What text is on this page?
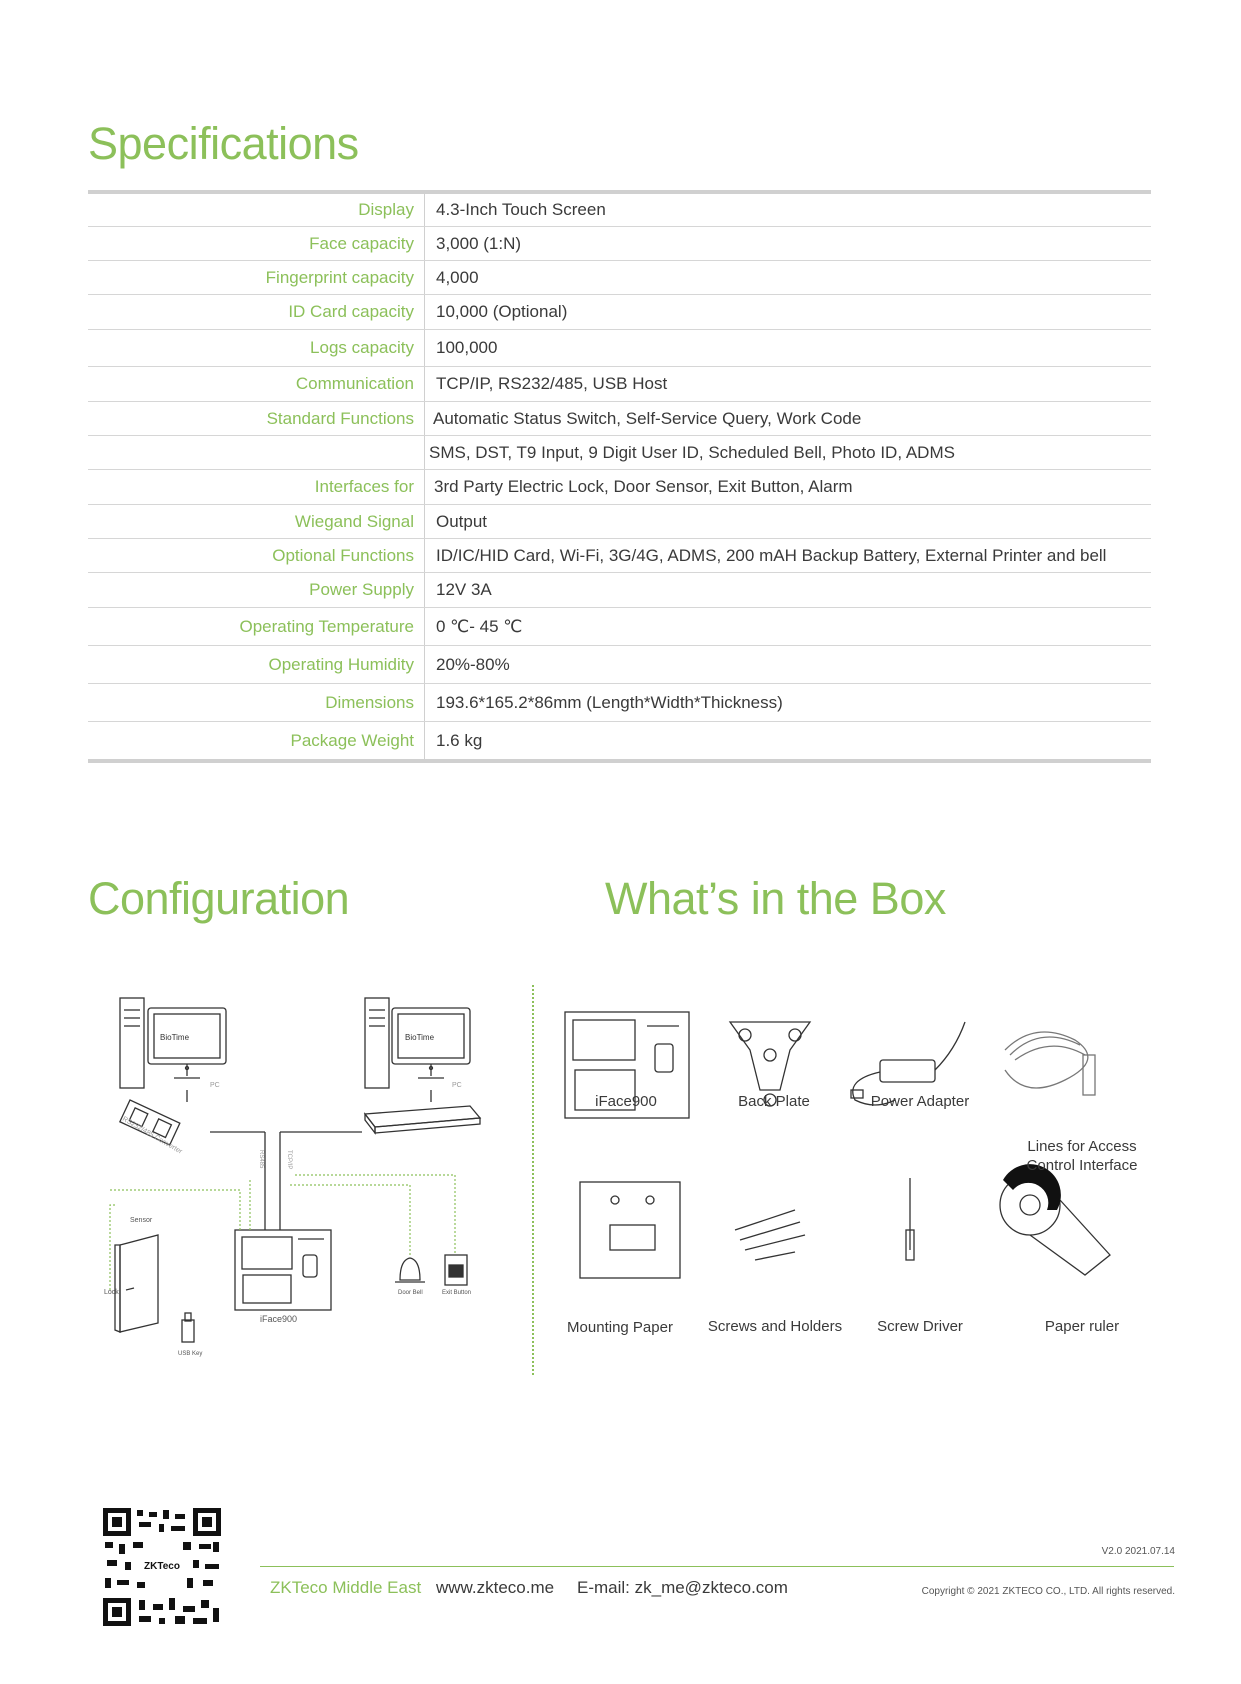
Specifications
Display	4.3-Inch Touch Screen
Face capacity	3,000 (1:N)
Fingerprint capacity	4,000
ID Card capacity	10,000 (Optional)
Logs capacity	100,000
Communication	TCP/IP, RS232/485, USB Host
Standard Functions	Automatic Status Switch, Self-Service Query, Work Code
SMS, DST, T9 Input, 9 Digit User ID, Scheduled Bell, Photo ID, ADMS
Interfaces for	3rd Party Electric Lock, Door Sensor, Exit Button, Alarm
Wiegand Signal	Output
Optional Functions	ID/IC/HID Card, Wi-Fi, 3G/4G, ADMS, 200 mAH Backup Battery, External Printer and bell
Power Supply	12V 3A
Operating Temperature	0 ℃- 45 ℃
Operating Humidity	20%-80%
Dimensions	193.6*165.2*86mm (Length*Width*Thickness)
Package Weight	1.6 kg
Configuration	What’s in the Box
BioTime	BioTime
PC	PC
RS232/485 Converter
RS485	TCP/IP
Sensor
Lock
iFace900
Door Bell	Exit Button
USB Key
iFace900	Back Plate	Power Adapter
Lines for Access
Control Interface
Mounting Paper	Screws and Holders	Screw Driver	Paper ruler
ZKTeco
V2.0 2021.07.14
ZKTeco Middle East www.zkteco.me E-mail: zk_me@zkteco.com	Copyright © 2021 ZKTECO CO., LTD. All rights reserved.
